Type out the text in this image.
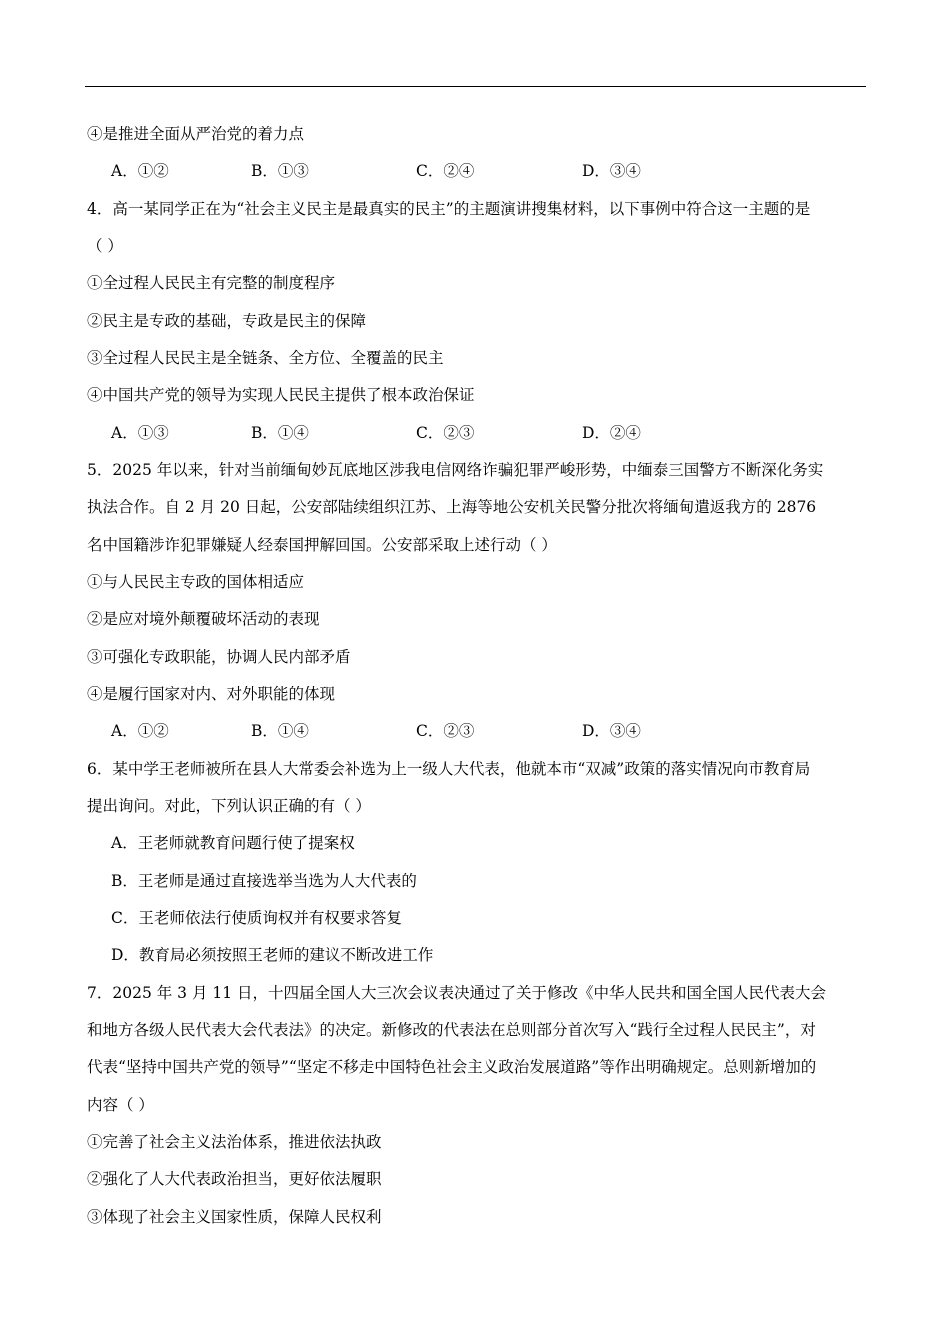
④是推进全面从严治党的着力点
A．①②	B．①③	C．②④	D．③④
4．高一某同学正在为“社会主义民主是最真实的民主”的主题演讲搜集材料，以下事例中符合这一主题的是
（ ）
①全过程人民民主有完整的制度程序
②民主是专政的基础，专政是民主的保障
③全过程人民民主是全链条、全方位、全覆盖的民主
④中国共产党的领导为实现人民民主提供了根本政治保证
A．①③	B．①④	C．②③	D．②④
5．2025 年以来，针对当前缅甸妙瓦底地区涉我电信网络诈骗犯罪严峻形势，中缅泰三国警方不断深化务实
执法合作。自 2 月 20 日起，公安部陆续组织江苏、上海等地公安机关民警分批次将缅甸遣返我方的 2876
名中国籍涉诈犯罪嫌疑人经泰国押解回国。公安部采取上述行动（ ）
①与人民民主专政的国体相适应
②是应对境外颠覆破坏活动的表现
③可强化专政职能，协调人民内部矛盾
④是履行国家对内、对外职能的体现
A．①②	B．①④	C．②③	D．③④
6．某中学王老师被所在县人大常委会补选为上一级人大代表，他就本市“双减”政策的落实情况向市教育局
提出询问。对此，下列认识正确的有（ ）
A．王老师就教育问题行使了提案权
B．王老师是通过直接选举当选为人大代表的
C．王老师依法行使质询权并有权要求答复
D．教育局必须按照王老师的建议不断改进工作
7．2025 年 3 月 11 日，十四届全国人大三次会议表决通过了关于修改《中华人民共和国全国人民代表大会
和地方各级人民代表大会代表法》的决定。新修改的代表法在总则部分首次写入“践行全过程人民民主”，对
代表“坚持中国共产党的领导”“坚定不移走中国特色社会主义政治发展道路”等作出明确规定。总则新增加的
内容（ ）
①完善了社会主义法治体系，推进依法执政
②强化了人大代表政治担当，更好依法履职
③体现了社会主义国家性质，保障人民权利
